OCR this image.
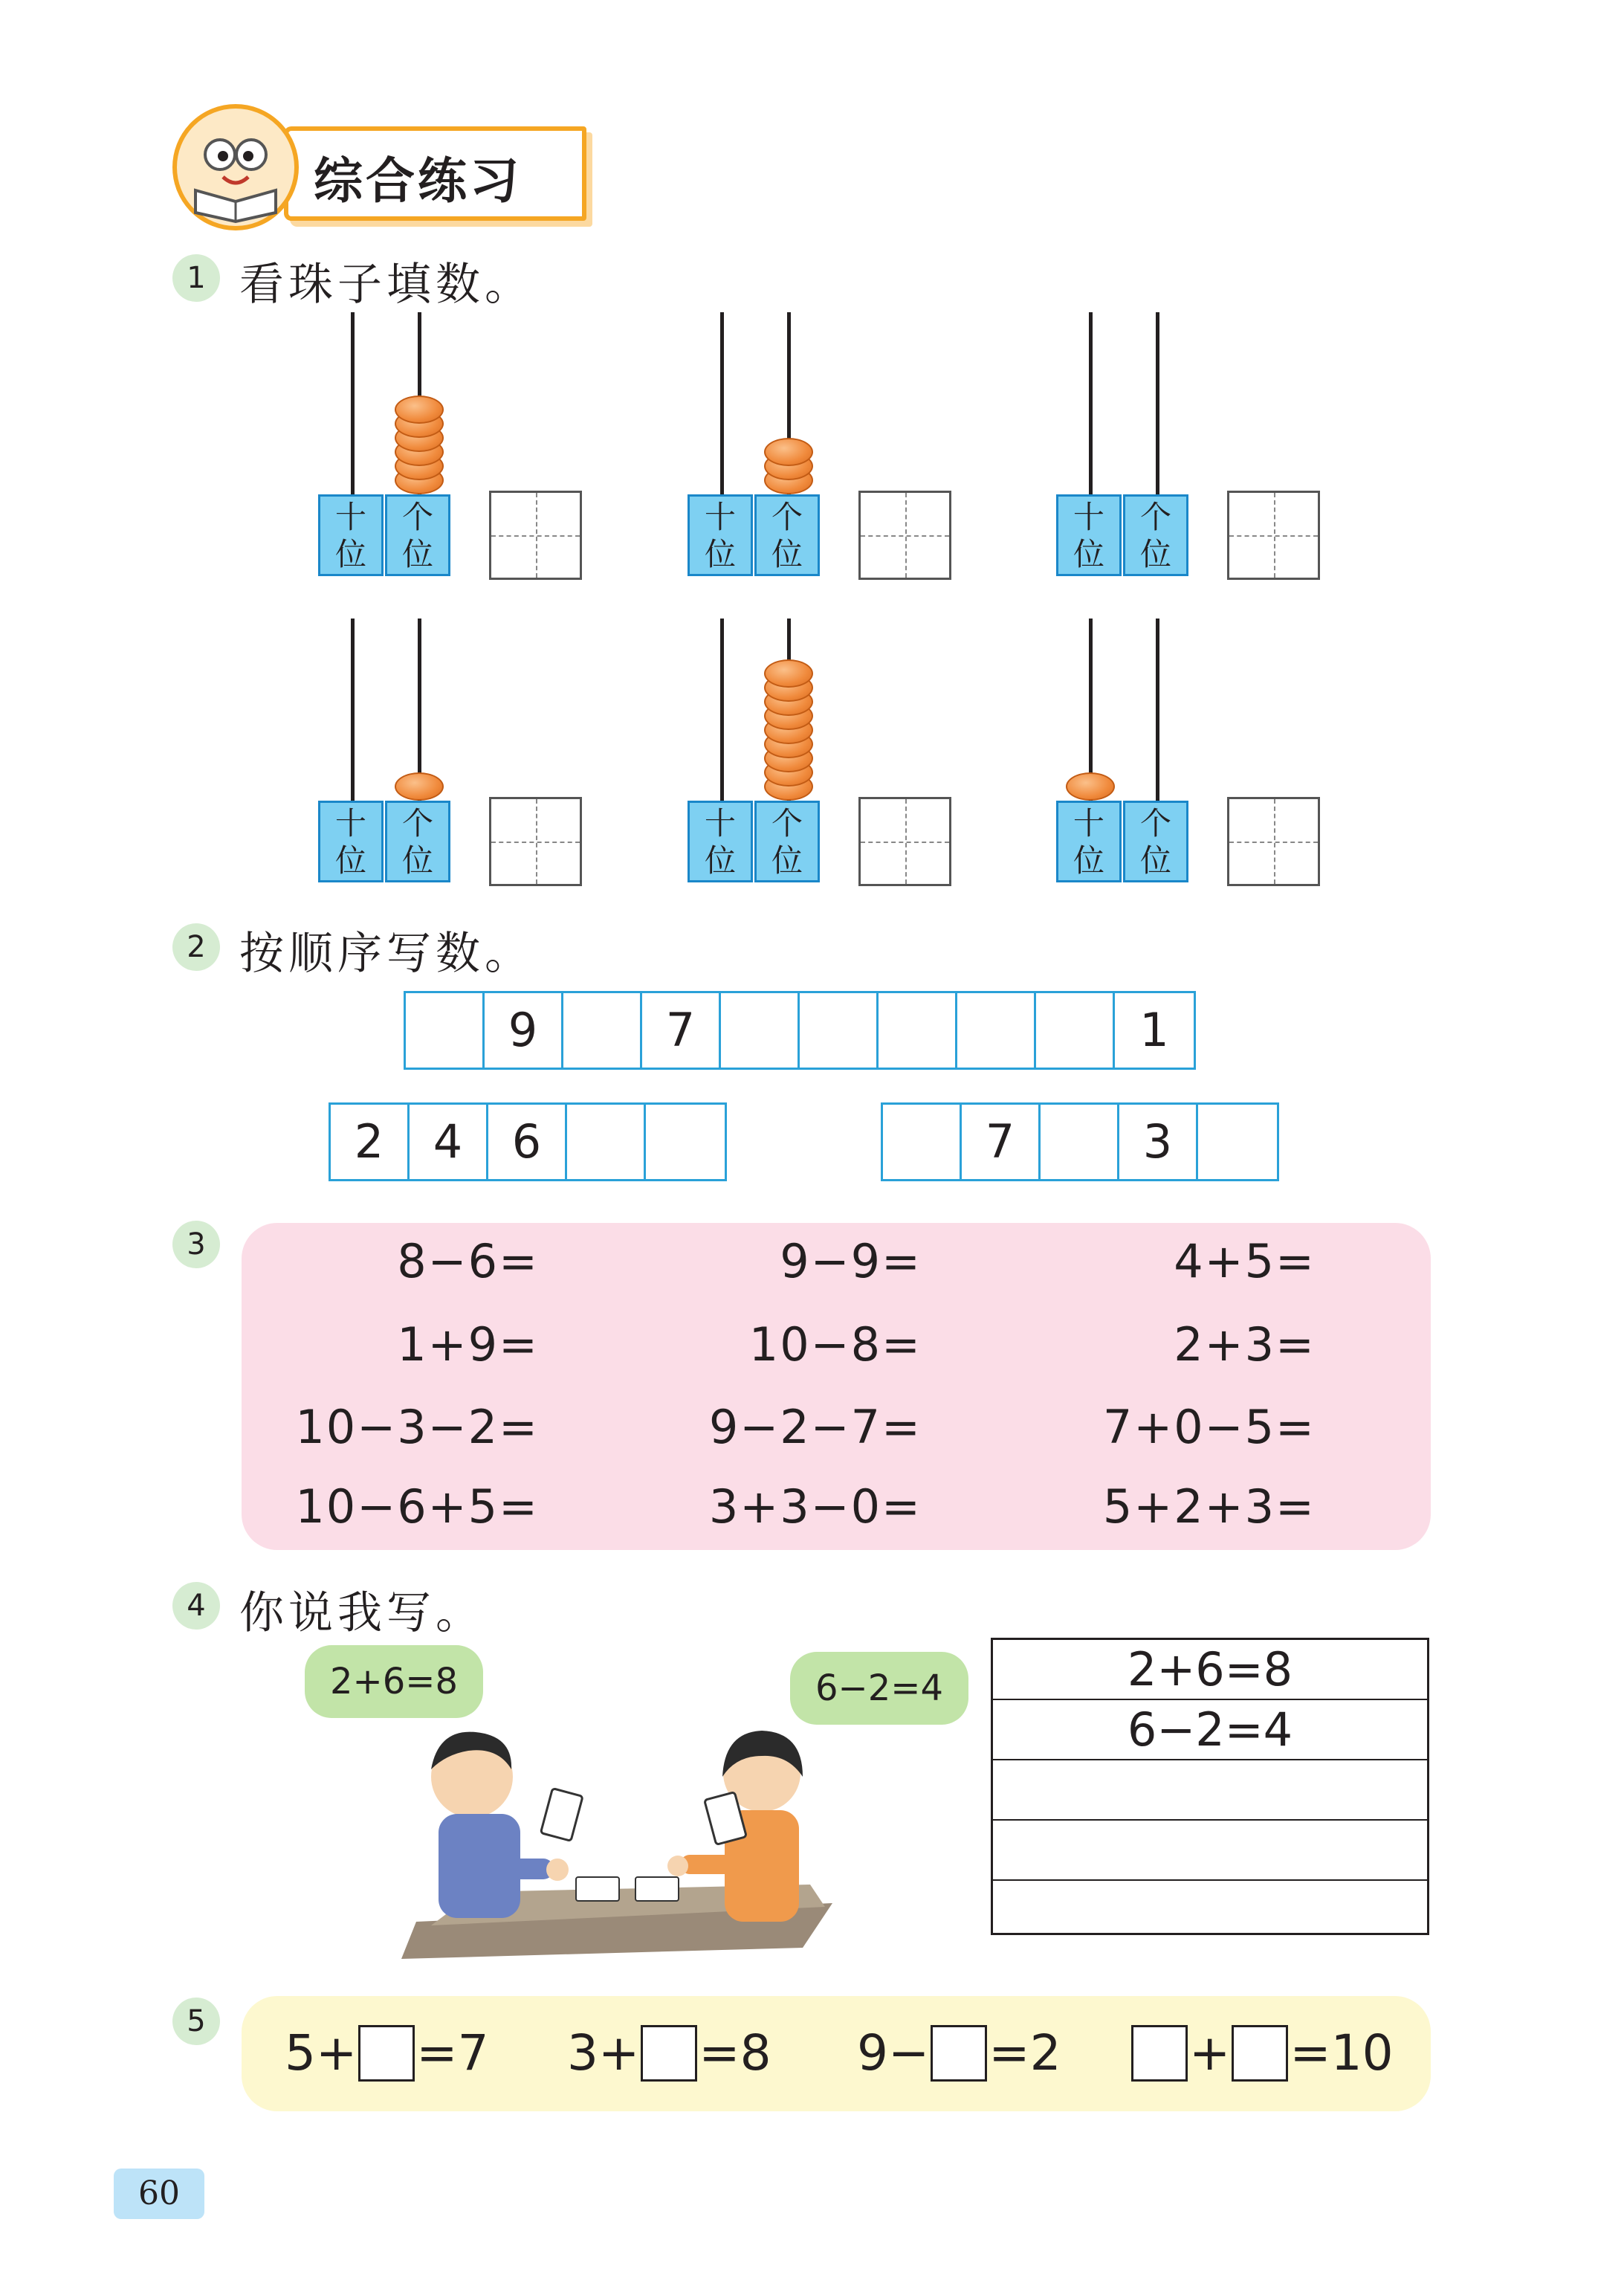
综合练习
1 看珠子填数。
十
位
个
位
十
位
个
位
十
位
个
位
十
位
个
位
十
位
个
位
十
位
个
位
2 按顺序写数。
9	7	1
2	4	6	7	3
3	8−6=	9−9=	4+5=
1+9=	10−8=	2+3=
10−3−2=	9−2−7=	7+0−5=
10−6+5=	3+3−0=	5+2+3=
4 你说我写。
2+6=8	6−2=4	2+6=8
6−2=4
5
5+ =7 3+ =8 9− =2	+ =10
60
